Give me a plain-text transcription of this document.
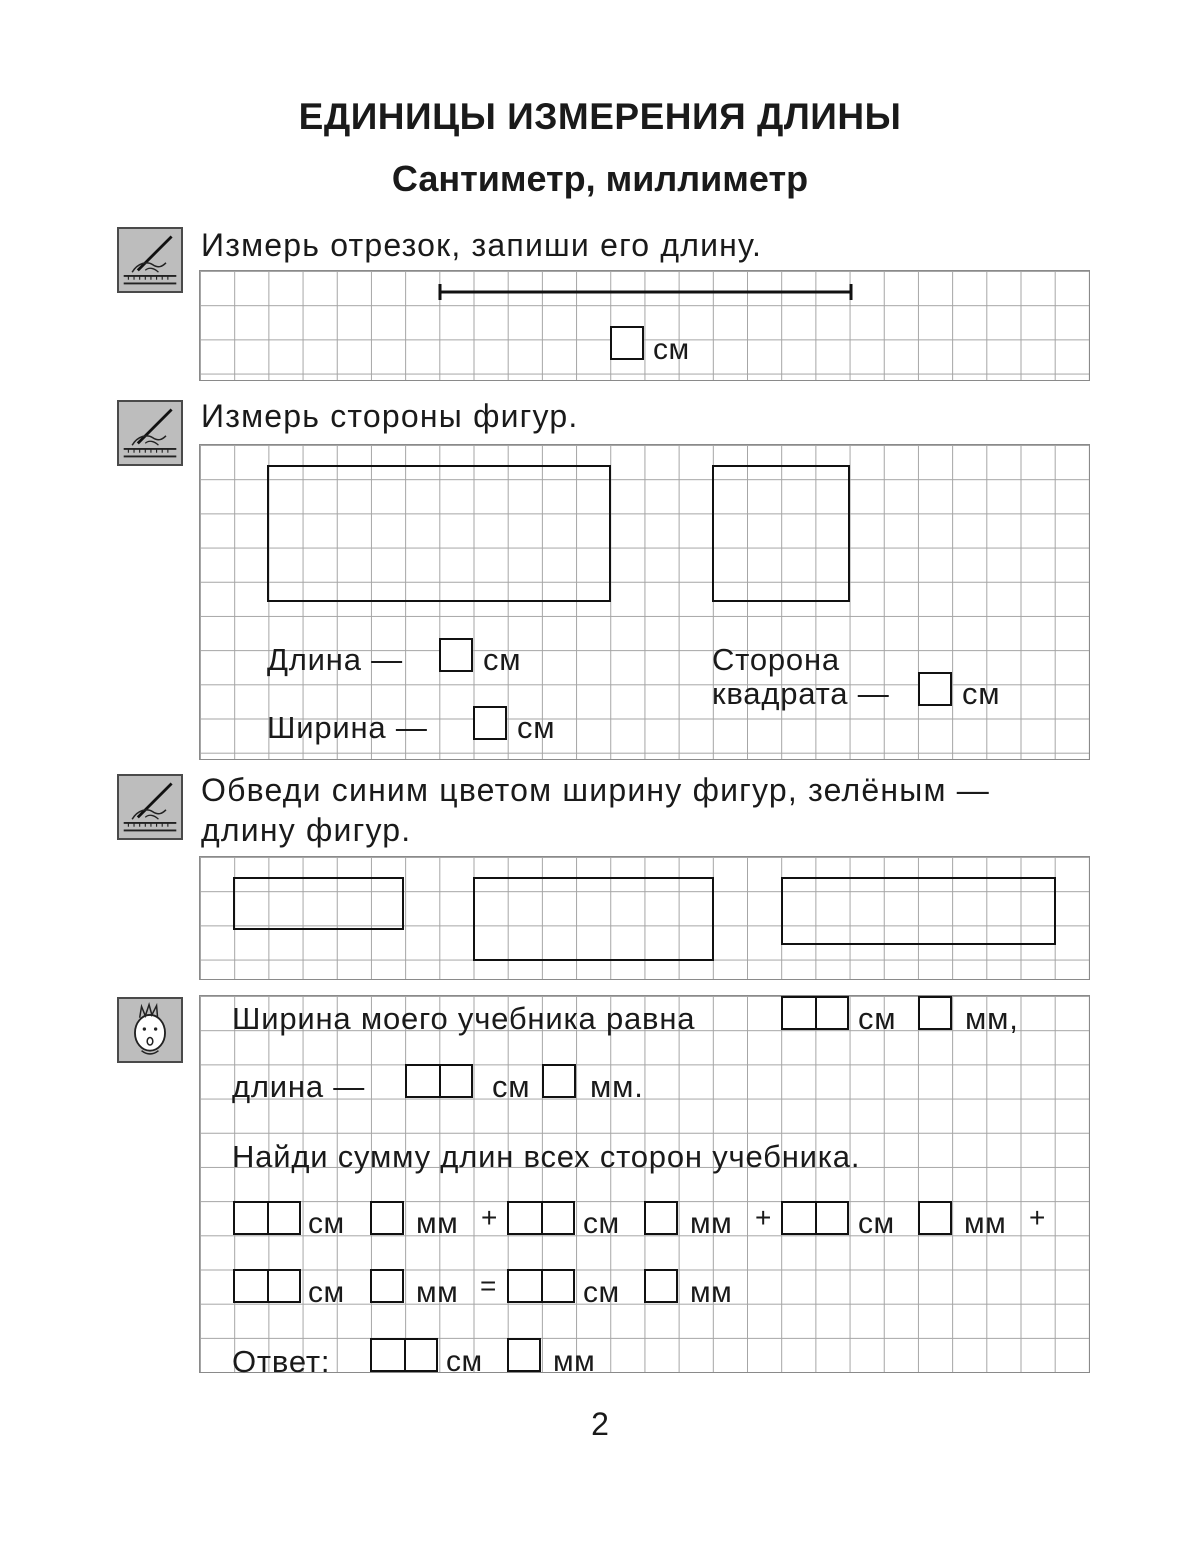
ЕДИНИЦЫ ИЗМЕРЕНИЯ ДЛИНЫ
Сантиметр, миллиметр
Измерь отрезок, запиши его длину.
см
Измерь стороны фигур.
Длина —	см
Ширина —	см
Сторона
квадрата — см
Обведи синим цветом ширину фигур, зелёным —
длину фигур.
Ширина моего учебника равна	см мм,
длина —	см мм.
Найди сумму длин всех сторон учебника.
см мм +	см мм +	см мм +
см мм =	см мм
Ответ:	см мм
2
